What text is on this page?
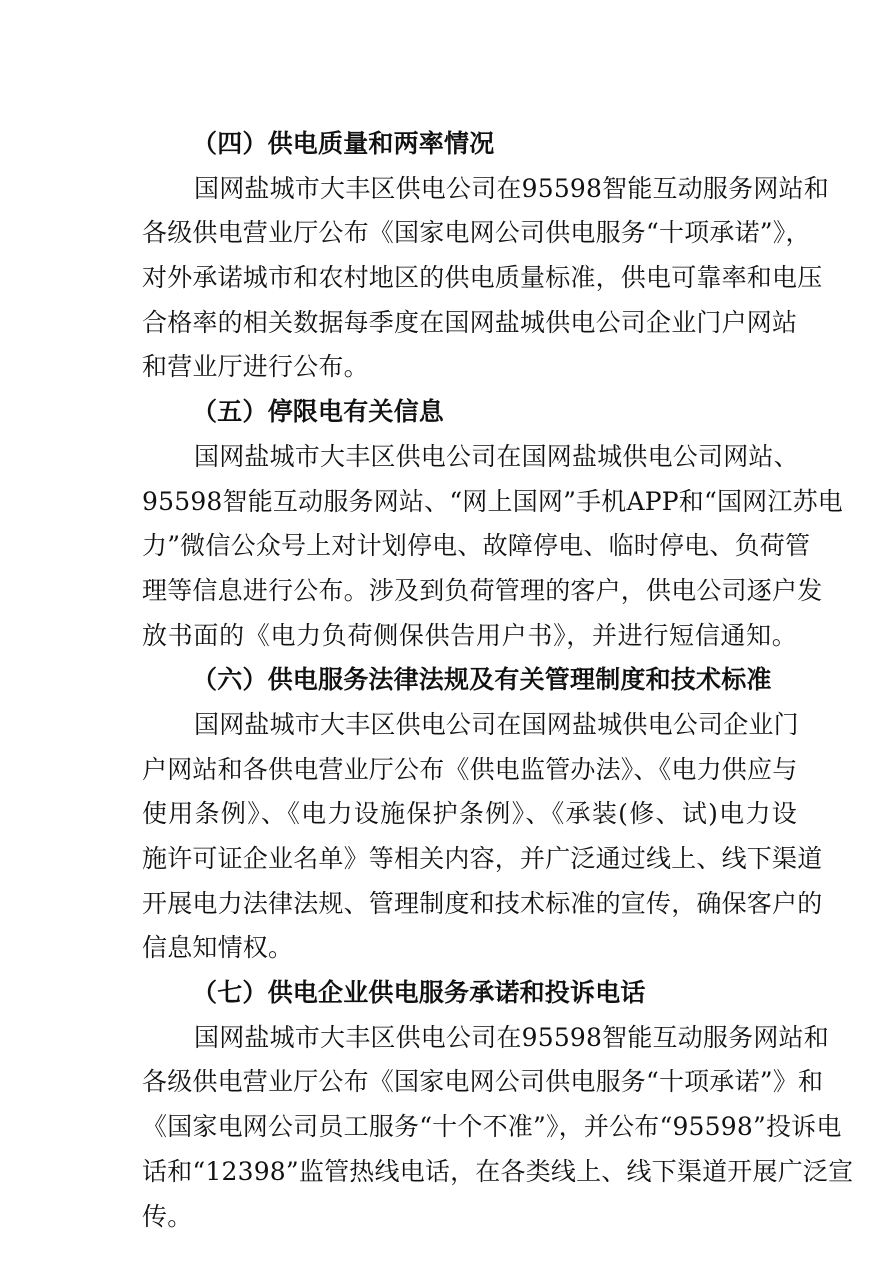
（四）供电质量和两率情况
国网盐城市大丰区供电公司在95598智能互动服务网站和
各级供电营业厅公布《国家电网公司供电服务“十项承诺”》，
对外承诺城市和农村地区的供电质量标准，供电可靠率和电压
合格率的相关数据每季度在国网盐城供电公司企业门户网站
和营业厅进行公布。
（五）停限电有关信息
国网盐城市大丰区供电公司在国网盐城供电公司网站、
95598智能互动服务网站、“网上国网”手机APP和“国网江苏电
力”微信公众号上对计划停电、故障停电、临时停电、负荷管
理等信息进行公布。涉及到负荷管理的客户，供电公司逐户发
放书面的《电力负荷侧保供告用户书》，并进行短信通知。
（六）供电服务法律法规及有关管理制度和技术标准
国网盐城市大丰区供电公司在国网盐城供电公司企业门
户网站和各供电营业厅公布《供电监管办法》、《电力供应与
使用条例》、《电力设施保护条例》、《承装(修、试)电力设
施许可证企业名单》等相关内容，并广泛通过线上、线下渠道
开展电力法律法规、管理制度和技术标准的宣传，确保客户的
信息知情权。
（七）供电企业供电服务承诺和投诉电话
国网盐城市大丰区供电公司在95598智能互动服务网站和
各级供电营业厅公布《国家电网公司供电服务“十项承诺”》和
《国家电网公司员工服务“十个不准”》，并公布“95598”投诉电
话和“12398”监管热线电话，在各类线上、线下渠道开展广泛宣
传。
